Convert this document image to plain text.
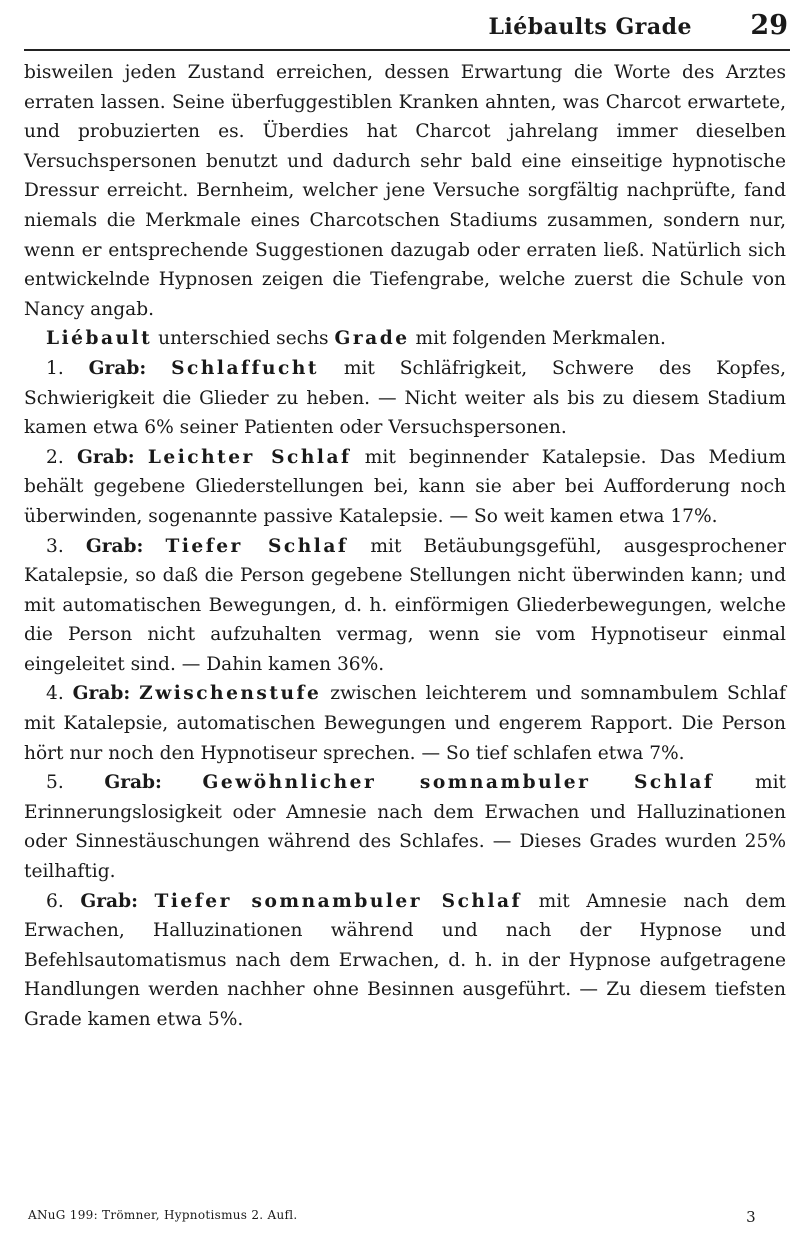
Liébaults Grade 29

bisweilen jeden Zustand erreichen, dessen Erwartung die Worte des Arztes erraten lassen. Seine überfuggestiblen Kranken ahnten, was Charcot erwartete, und probuzierten es. Überdies hat Charcot jahrelang immer dieselben Versuchspersonen benutzt und dadurch sehr bald eine einseitige hypnotische Dressur erreicht. Bernheim, welcher jene Versuche sorgfältig nachprüfte, fand niemals die Merkmale eines Charcotschen Stadiums zusammen, sondern nur, wenn er entsprechende Suggestionen dazugab oder erraten ließ. Natürlich sich entwickelnde Hypnosen zeigen die Tiefengrabe, welche zuerst die Schule von Nancy angab.

Liébault unterschied sechs Grade mit folgenden Merkmalen.

1. Grab: Schlaffucht mit Schläfrigkeit, Schwere des Kopfes, Schwierigkeit die Glieder zu heben. — Nicht weiter als bis zu diesem Stadium kamen etwa 6% seiner Patienten oder Versuchspersonen.

2. Grab: Leichter Schlaf mit beginnender Katalepsie. Das Medium behält gegebene Gliederstellungen bei, kann sie aber bei Aufforderung noch überwinden, sogenannte passive Katalepsie. — So weit kamen etwa 17%.

3. Grab: Tiefer Schlaf mit Betäubungsgefühl, ausgesprochener Katalepsie, so daß die Person gegebene Stellungen nicht überwinden kann; und mit automatischen Bewegungen, d. h. einförmigen Gliederbewegungen, welche die Person nicht aufzuhalten vermag, wenn sie vom Hypnotiseur einmal eingeleitet sind. — Dahin kamen 36%.

4. Grab: Zwischenstufe zwischen leichterem und somnambulem Schlaf mit Katalepsie, automatischen Bewegungen und engerem Rapport. Die Person hört nur noch den Hypnotiseur sprechen. — So tief schlafen etwa 7%.

5. Grab: Gewöhnlicher somnambuler Schlaf mit Erinnerungslosigkeit oder Amnesie nach dem Erwachen und Halluzinationen oder Sinnestäuschungen während des Schlafes. — Dieses Grades wurden 25% teilhaftig.

6. Grab: Tiefer somnambuler Schlaf mit Amnesie nach dem Erwachen, Halluzinationen während und nach der Hypnose und Befehlsautomatismus nach dem Erwachen, d. h. in der Hypnose aufgetragene Handlungen werden nachher ohne Besinnen ausgeführt. — Zu diesem tiefsten Grade kamen etwa 5%.

ANuG 199: Trömner, Hypnotismus 2. Aufl.	3
